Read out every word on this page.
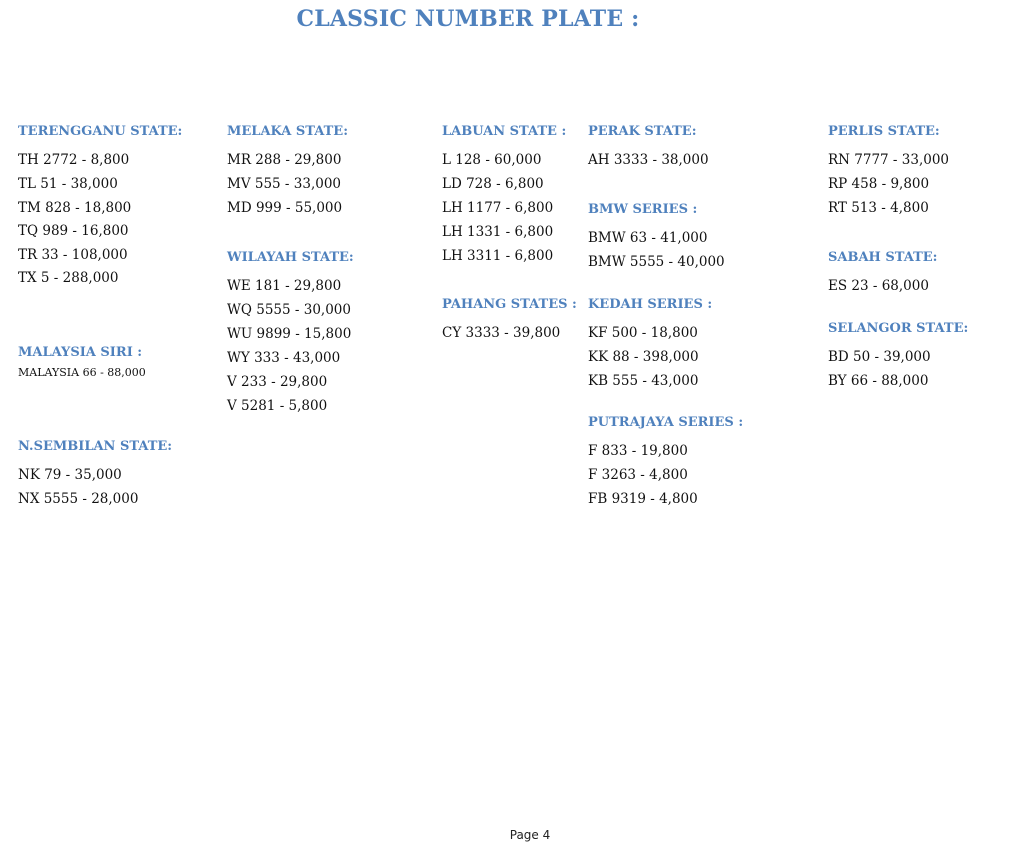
CLASSIC NUMBER PLATE :
TERENGGANU STATE:
TH 2772 - 8,800
TL 51 - 38,000
TM 828 - 18,800
TQ 989 - 16,800
TR 33 - 108,000
TX 5 - 288,000
MALAYSIA SIRI :
MALAYSIA 66 - 88,000
N.SEMBILAN STATE:
NK 79 - 35,000
NX 5555 - 28,000
MELAKA STATE:
MR 288 - 29,800
MV 555 - 33,000
MD 999 - 55,000
WILAYAH STATE:
WE 181 - 29,800
WQ 5555 - 30,000
WU 9899 - 15,800
WY 333 - 43,000
V 233 - 29,800
V 5281 - 5,800
LABUAN STATE :
L 128 - 60,000
LD 728 - 6,800
LH 1177 - 6,800
LH 1331 - 6,800
LH 3311 - 6,800
PAHANG STATES :
CY 3333 - 39,800
PERAK STATE:
AH 3333 - 38,000
BMW SERIES :
BMW 63 - 41,000
BMW 5555 - 40,000
KEDAH SERIES :
KF 500 - 18,800
KK 88 - 398,000
KB 555 - 43,000
PUTRAJAYA SERIES :
F 833 - 19,800
F 3263 - 4,800
FB 9319 - 4,800
PERLIS STATE:
RN 7777 - 33,000
RP 458 - 9,800
RT 513 - 4,800
SABAH STATE:
ES 23 - 68,000
SELANGOR STATE:
BD 50 - 39,000
BY 66 - 88,000
Page 4
